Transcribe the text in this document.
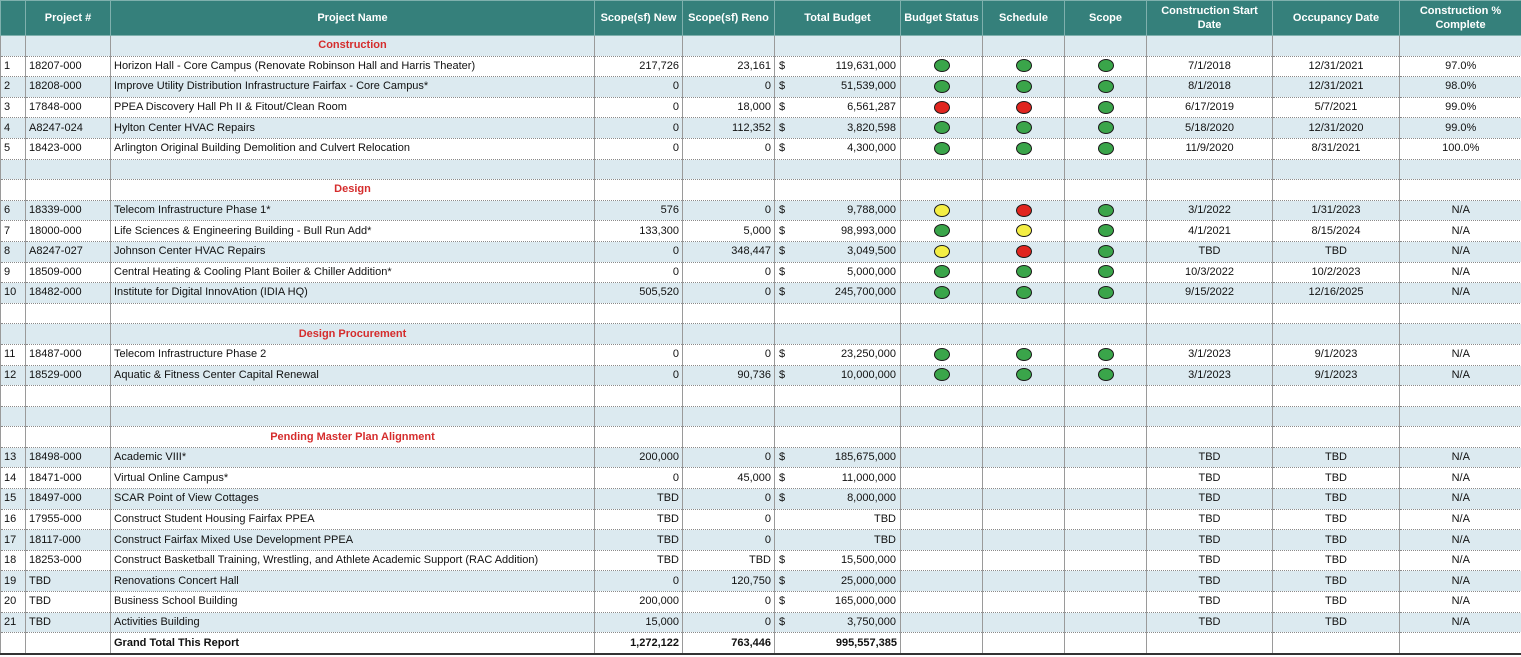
	Project #	Project Name	Scope(sf) New	Scope(sf) Reno	Total Budget	Budget Status	Schedule	Scope	Construction Start Date	Occupancy Date	Construction % Complete
		Construction									
1	18207-000	Horizon Hall - Core Campus (Renovate Robinson Hall and Harris Theater)	217,726	23,161	$ 119,631,000				7/1/2018	12/31/2021	97.0%
2	18208-000	Improve Utility Distribution Infrastructure Fairfax - Core Campus*	0	0	$ 51,539,000				8/1/2018	12/31/2021	98.0%
3	17848-000	PPEA Discovery Hall Ph II & Fitout/Clean Room	0	18,000	$ 6,561,287				6/17/2019	5/7/2021	99.0%
4	A8247-024	Hylton Center HVAC Repairs	0	112,352	$ 3,820,598				5/18/2020	12/31/2020	99.0%
5	18423-000	Arlington Original Building Demolition and Culvert Relocation	0	0	$ 4,300,000				11/9/2020	8/31/2021	100.0%

		Design									
6	18339-000	Telecom Infrastructure Phase 1*	576	0	$ 9,788,000				3/1/2022	1/31/2023	N/A
7	18000-000	Life Sciences & Engineering Building - Bull Run Add*	133,300	5,000	$ 98,993,000				4/1/2021	8/15/2024	N/A
8	A8247-027	Johnson Center HVAC Repairs	0	348,447	$ 3,049,500				TBD	TBD	N/A
9	18509-000	Central Heating & Cooling Plant Boiler & Chiller Addition*	0	0	$ 5,000,000				10/3/2022	10/2/2023	N/A
10	18482-000	Institute for Digital InnovAtion (IDIA HQ)	505,520	0	$ 245,700,000				9/15/2022	12/16/2025	N/A

		Design Procurement									
11	18487-000	Telecom Infrastructure Phase 2	0	0	$ 23,250,000				3/1/2023	9/1/2023	N/A
12	18529-000	Aquatic & Fitness Center Capital Renewal	0	90,736	$ 10,000,000				3/1/2023	9/1/2023	N/A

		Pending Master Plan Alignment									
13	18498-000	Academic VIII*	200,000	0	$ 185,675,000				TBD	TBD	N/A
14	18471-000	Virtual Online Campus*	0	45,000	$ 11,000,000				TBD	TBD	N/A
15	18497-000	SCAR Point of View Cottages	TBD	0	$ 8,000,000				TBD	TBD	N/A
16	17955-000	Construct Student Housing Fairfax PPEA	TBD	0	TBD				TBD	TBD	N/A
17	18117-000	Construct Fairfax Mixed Use Development PPEA	TBD	0	TBD				TBD	TBD	N/A
18	18253-000	Construct Basketball Training, Wrestling, and Athlete Academic Support (RAC Addition)	TBD	TBD	$ 15,500,000				TBD	TBD	N/A
19	TBD	Renovations Concert Hall	0	120,750	$ 25,000,000				TBD	TBD	N/A
20	TBD	Business School Building	200,000	0	$ 165,000,000				TBD	TBD	N/A
21	TBD	Activities Building	15,000	0	$ 3,750,000				TBD	TBD	N/A
		Grand Total This Report	1,272,122	763,446	995,557,385						
